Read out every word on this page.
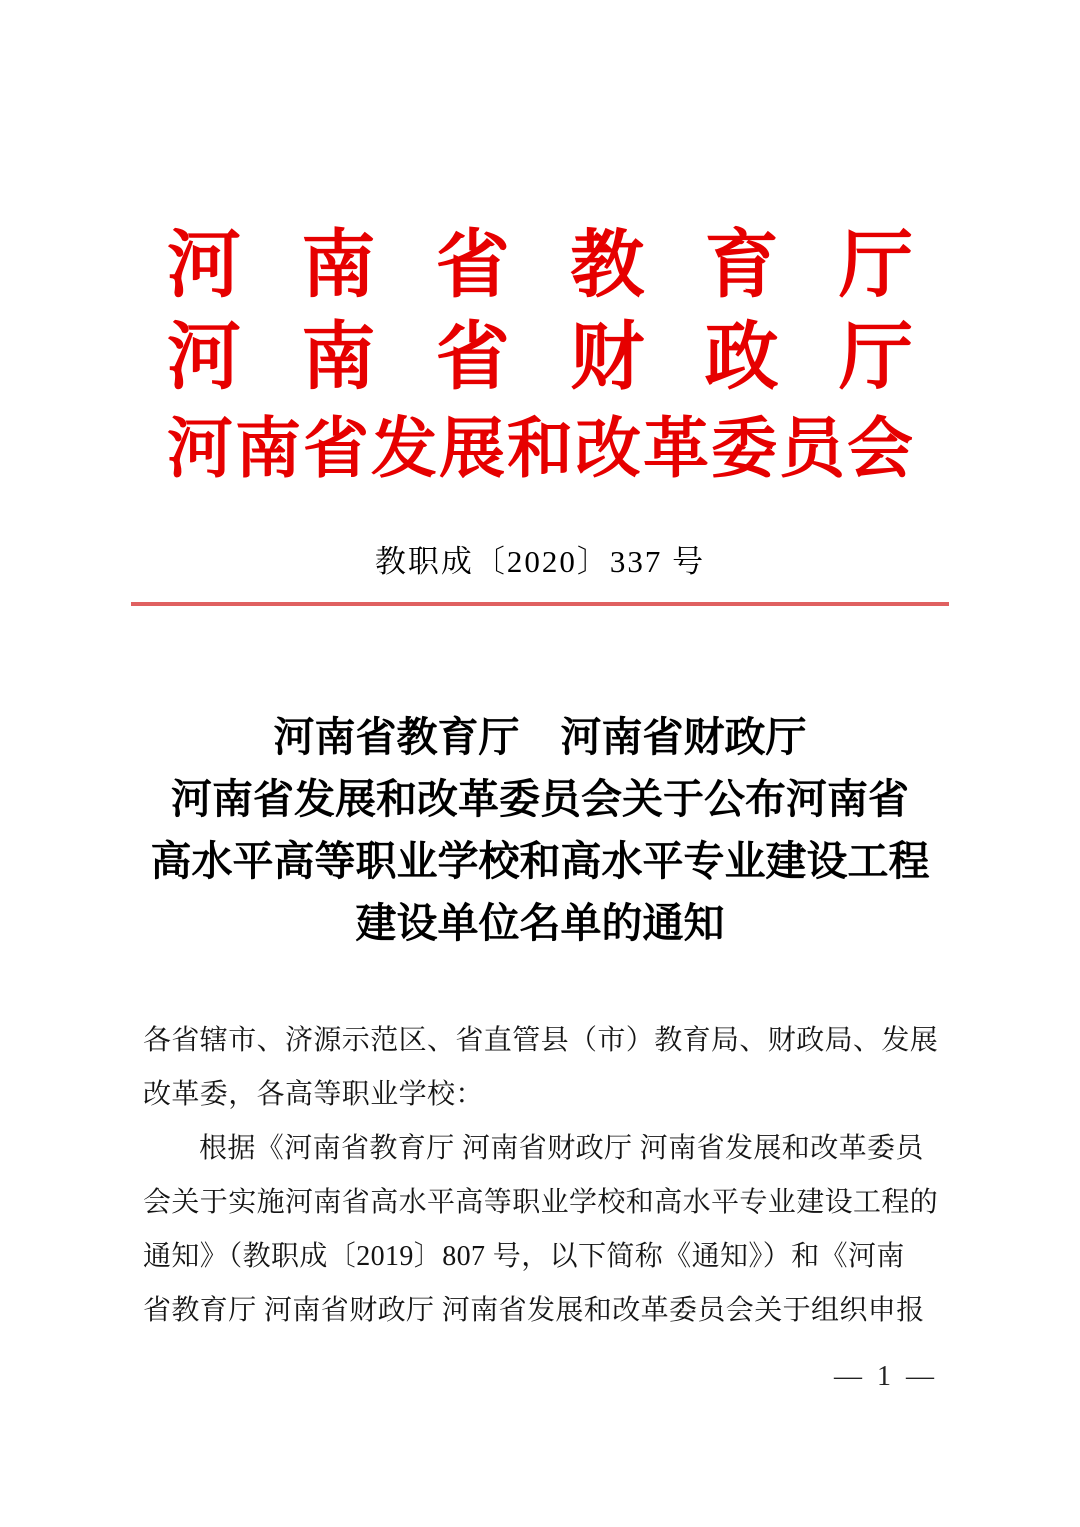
河南省教育厅
河南省财政厅
河南省发展和改革委员会
教职成〔2020〕337 号
河南省教育厅　河南省财政厅
河南省发展和改革委员会关于公布河南省
高水平高等职业学校和高水平专业建设工程
建设单位名单的通知

各省辖市、济源示范区、省直管县（市）教育局、财政局、发展

改革委，各高等职业学校：

根据《河南省教育厅 河南省财政厅 河南省发展和改革委员

会关于实施河南省高水平高等职业学校和高水平专业建设工程的

通知》（教职成〔2019〕807 号，以下简称《通知》）和《河南

省教育厅 河南省财政厅 河南省发展和改革委员会关于组织申报

— 1 —
